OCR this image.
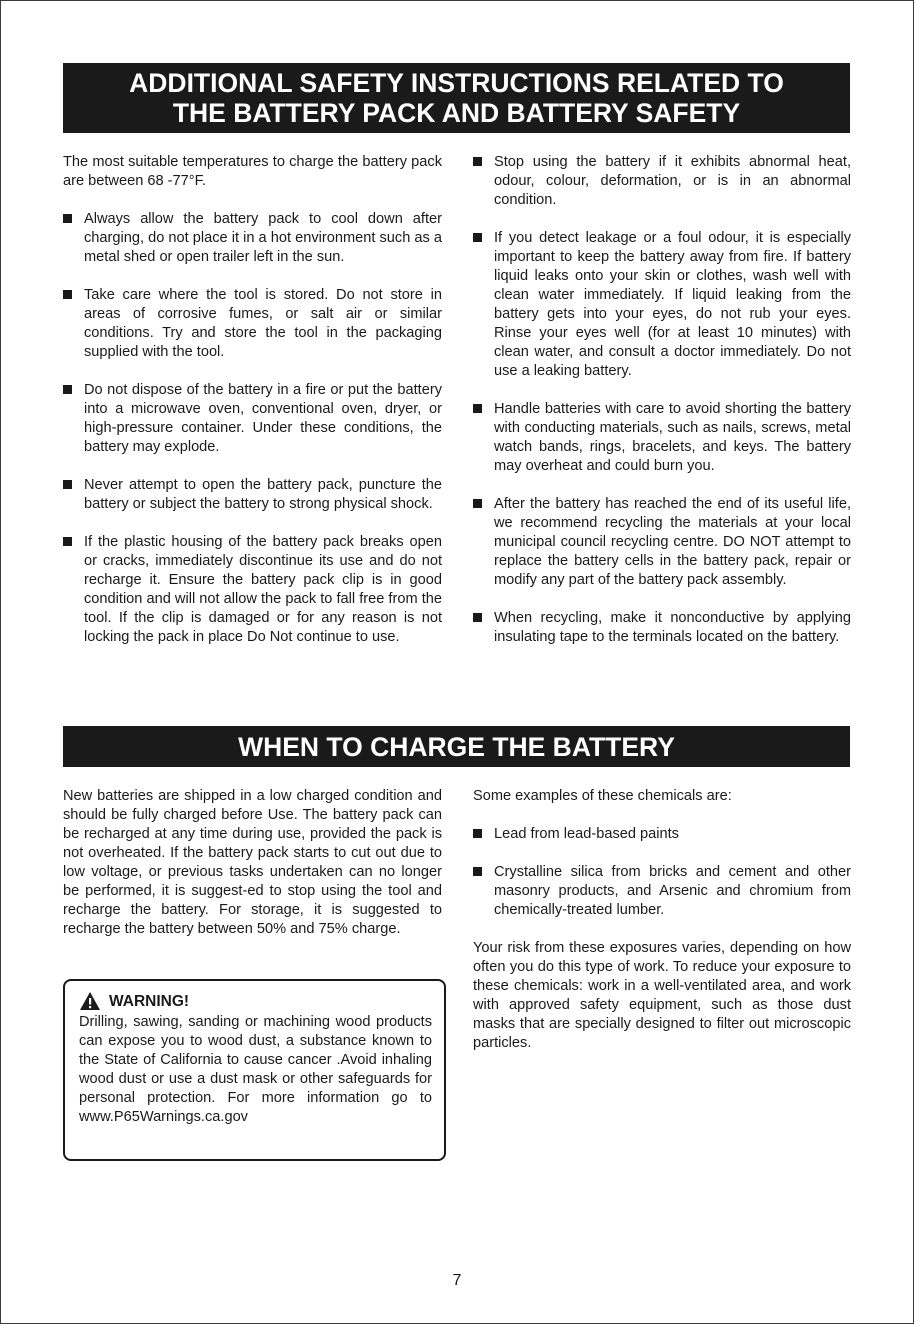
ADDITIONAL SAFETY INSTRUCTIONS RELATED TO
THE BATTERY PACK AND BATTERY SAFETY

The most suitable temperatures to charge the battery pack are between 68 -77°F.

Always allow the battery pack to cool down after charging, do not place it in a hot environment such as a metal shed or open trailer left in the sun.
Take care where the tool is stored. Do not store in areas of corrosive fumes, or salt air or similar conditions. Try and store the tool in the packaging supplied with the tool.
Do not dispose of the battery in a fire or put the battery into a microwave oven, conventional oven, dryer, or high-pressure container. Under these conditions, the battery may explode.
Never attempt to open the battery pack, puncture the battery or subject the battery to strong physical shock.
If the plastic housing of the battery pack breaks open or cracks, immediately discontinue its use and do not recharge it. Ensure the battery pack clip is in good condition and will not allow the pack to fall free from the tool. If the clip is damaged or for any reason is not locking the pack in place Do Not continue to use.
Stop using the battery if it exhibits abnormal heat, odour, colour, deformation, or is in an abnormal condition.
If you detect leakage or a foul odour, it is especially important to keep the battery away from fire. If battery liquid leaks onto your skin or clothes, wash well with clean water immediately. If liquid leaking from the battery gets into your eyes, do not rub your eyes. Rinse your eyes well (for at least 10 minutes) with clean water, and consult a doctor immediately. Do not use a leaking battery.
Handle batteries with care to avoid shorting the battery with conducting materials, such as nails, screws, metal watch bands, rings, bracelets, and keys. The battery may overheat and could burn you.
After the battery has reached the end of its useful life, we recommend recycling the materials at your local municipal council recycling centre. DO NOT attempt to replace the battery cells in the battery pack, repair or modify any part of the battery pack assembly.
When recycling, make it nonconductive by applying insulating tape to the terminals located on the battery.
WHEN TO CHARGE THE BATTERY

New batteries are shipped in a low charged condition and should be fully charged before Use. The battery pack can be recharged at any time during use, provided the pack is not overheated. If the battery pack starts to cut out due to low voltage, or previous tasks undertaken can no longer be performed, it is suggest-ed to stop using the tool and recharge the battery. For storage, it is suggested to recharge the battery between 50% and 75% charge.

WARNING!

Drilling, sawing, sanding or machining wood products can expose you to wood dust, a substance known to the State of California to cause cancer .Avoid inhaling wood dust or use a dust mask or other safeguards for personal protection. For more information go to www.P65Warnings.ca.gov

Some examples of these chemicals are:

Lead from lead-based paints
Crystalline silica from bricks and cement and other masonry products, and Arsenic and chromium from chemically-treated lumber.

Your risk from these exposures varies, depending on how often you do this type of work. To reduce your exposure to these chemicals: work in a well-ventilated area, and work with approved safety equipment, such as those dust masks that are specially designed to filter out microscopic particles.

7
